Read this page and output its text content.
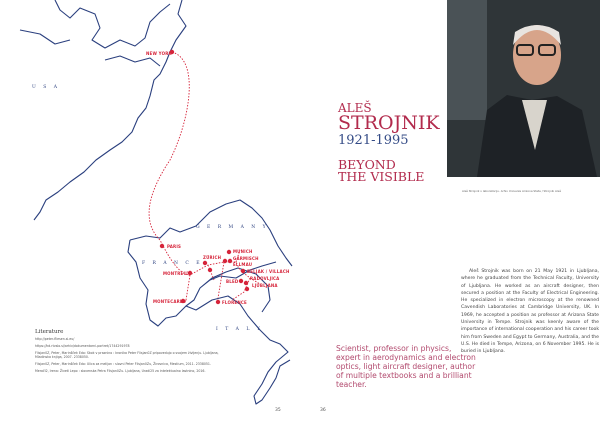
U S A
G E R M A N Y
F R A N C E
I T A L Y
NEW YORK
PARIS
MONTREUX
MONTECARLO
ZÜRICH
MUNICH
GARMISCH
ELLMAU
BELJAK / VILLACH
RADOVLJICA
BLED
LJUBLJANA
FLORENCE
Literature

http://peter-fliesen.si.eu/

https://kd.rtvslo.si/arhiv/dokumentarni-portret/1744291978

Flisjan0Z, Peter, Marinšček Edo: Skok v praznino : kronika Peter Flisjan0Z pripovedujo o svojem življenju. Ljubljana, Mladinska knjiga, 2007. 2338050.

Flisjan0Z, Peter, Marinšček Edo: Ulica za melijon : slovni Peter Flisjan0Zu, Žirovnica, Mestium, 2011. 2338051.

Merači2, Irena: Živeti Lepo : slovenska Petra Flisjan0Zu. Ljubljana, Uradi25 za intelektualno lastnino, 2016.

ALEŠ
STROJNIK
1921-1995
BEYOND
THE VISIBLE
Aleš Strojnik v laboratoriju. Arhiv Univerze Arizona State / Strojnik Aleš
Scientist, professor in physics, expert in aerodynamics and electron optics, light aircraft designer, author of multiple textbooks and a brilliant teacher.
Aleš Strojnik was born on 21 May 1921 in Ljubljana, where he graduated from the Technical Faculty, University of Ljubljana. He worked as an aircraft designer, then secured a position at the Faculty of Electrical Engineering. He specialized in electron microscopy at the renowned Cavendish Laboratories at Cambridge University, UK. In 1969, he accepted a position as professor at Arizona State University in Tempe. Strojnik was keenly aware of the importance of international cooperation and his career took him from Sweden and Egypt to Germany, Australia, and the U.S. He died in Tempe, Arizona, on 6 November 1995. He is buried in Ljubljana.
35	36
